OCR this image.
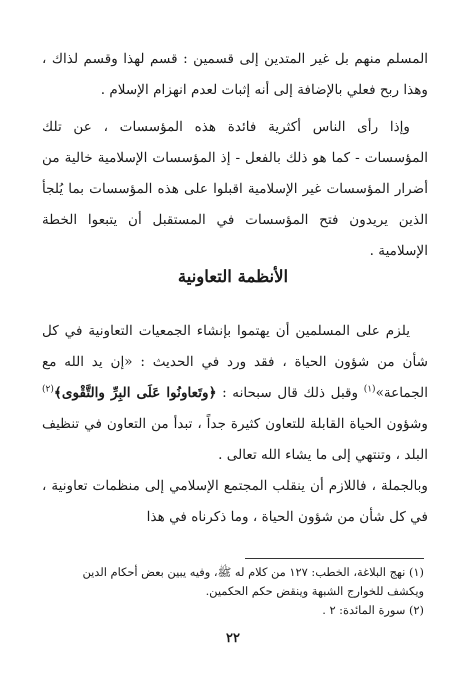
المسلم منهم بل غير المتدين إلى قسمين : قسم لهذا وقسم لذاك ، وهذا ربح فعلي بالإضافة إلى أنه إثبات لعدم انهزام الإسلام .

وإذا رأى الناس أكثرية فائدة هذه المؤسسات ، عن تلك المؤسسات - كما هو ذلك بالفعل - إذ المؤسسات الإسلامية خالية من أضرار المؤسسات غير الإسلامية اقبلوا على هذه المؤسسات بما يُلجأ الذين يريدون فتح المؤسسات في المستقبل أن يتبعوا الخطة الإسلامية .

الأنظمة التعاونية

يلزم على المسلمين أن يهتموا بإنشاء الجمعيات التعاونية في كل شأن من شؤون الحياة ، فقد ورد في الحديث : «إن يد الله مع الجماعة»$^{(١)}$ وقبل ذلك قال سبحانه : ﴿وتَعاونُوا عَلَى البِرِّ والتَّقْوى﴾$^{(٢)}$ وشؤون الحياة القابلة للتعاون كثيرة جداً ، تبدأ من التعاون في تنظيف البلد ، وتنتهي إلى ما يشاء الله تعالى .

وبالجملة ، فاللازم أن ينقلب المجتمع الإسلامي إلى منظمات تعاونية ، في كل شأن من شؤون الحياة ، وما ذكرناه في هذا

(١) نهج البلاغة، الخطب: ١٢٧ من كلام له ﷺ، وفيه يبين بعض أحكام الدين ويكشف للخوارج الشبهة وينقض حكم الحكمين.

(٢) سورة المائدة: ٢ .

٢٢
